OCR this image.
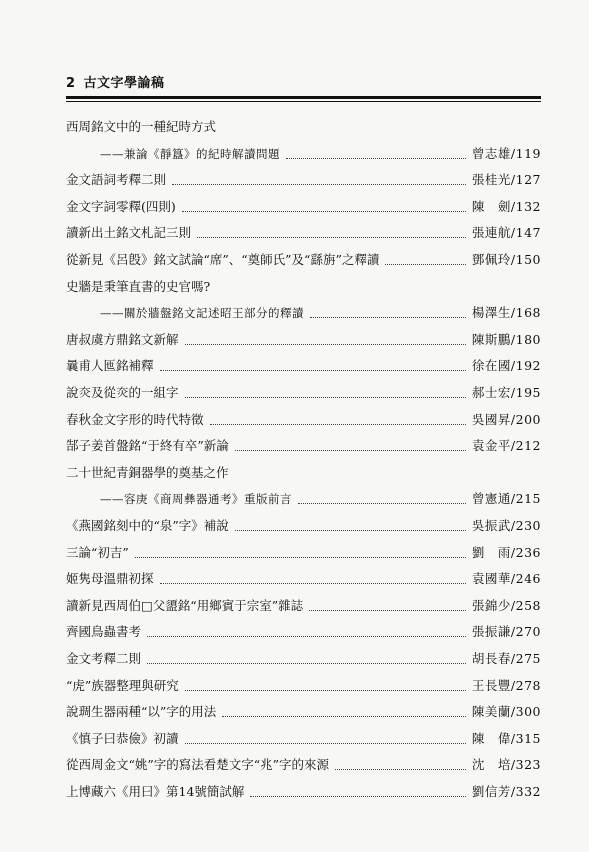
2 古文字學論稿
西周銘文中的一種紀時方式
——兼論《靜簋》的紀時解讀問題	曾志雄/119
金文語詞考釋二則	張桂光/127
金文字詞零釋(四則)	陳　劍/132
讀新出土銘文札記三則	張連航/147
從新見《呂𣪘》銘文試論“席”、“奠師氏”及“繇旃”之釋讀	鄧佩玲/150
史牆是秉筆直書的史官嗎?
——關於牆盤銘文記述昭王部分的釋讀	楊澤生/168
唐叔虞方鼎銘文新解	陳斯鵬/180
曩甫人匜銘補釋	徐在國/192
說𤆍及從𤆍的一組字	郝士宏/195
春秋金文字形的時代特徵	吳國昇/200
郜子姜首盤銘“于終有卒”新論	袁金平/212
二十世紀青銅器學的奠基之作
——容庚《商周彝器通考》重版前言	曾憲通/215
《燕國銘刻中的“泉”字》補說	吳振武/230
三論“初吉”	劉　雨/236
姬隽母溫鼎初探	袁國華/246
讀新見西周伯□父盨銘“用鄉賓于宗室”雜誌	張錦少/258
齊國鳥蟲書考	張振謙/270
金文考釋二則	胡長春/275
“虎”族器整理與研究	王長豐/278
說琱生器兩種“以”字的用法	陳美蘭/300
《慎子曰恭儉》初讀	陳　偉/315
從西周金文“姚”字的寫法看楚文字“兆”字的來源	沈　培/323
上博藏六《用曰》第14號簡試解	劉信芳/332
